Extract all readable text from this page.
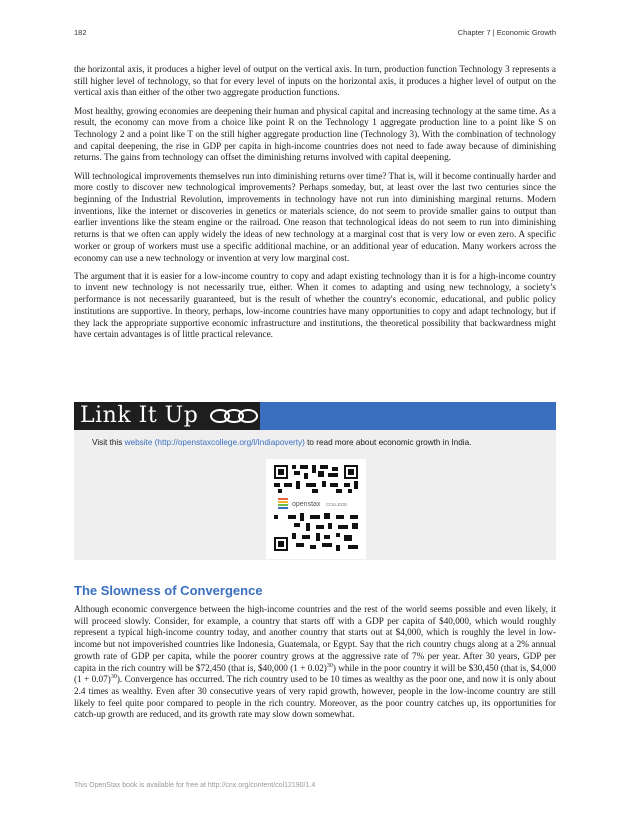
182	Chapter 7 | Economic Growth

the horizontal axis, it produces a higher level of output on the vertical axis. In turn, production function Technology 3 represents a still higher level of technology, so that for every level of inputs on the horizontal axis, it produces a higher level of output on the vertical axis than either of the other two aggregate production functions.

Most healthy, growing economies are deepening their human and physical capital and increasing technology at the same time. As a result, the economy can move from a choice like point R on the Technology 1 aggregate production line to a point like S on Technology 2 and a point like T on the still higher aggregate production line (Technology 3). With the combination of technology and capital deepening, the rise in GDP per capita in high-income countries does not need to fade away because of diminishing returns. The gains from technology can offset the diminishing returns involved with capital deepening.

Will technological improvements themselves run into diminishing returns over time? That is, will it become continually harder and more costly to discover new technological improvements? Perhaps someday, but, at least over the last two centuries since the beginning of the Industrial Revolution, improvements in technology have not run into diminishing marginal returns. Modern inventions, like the internet or discoveries in genetics or materials science, do not seem to provide smaller gains to output than earlier inventions like the steam engine or the railroad. One reason that technological ideas do not seem to run into diminishing returns is that we often can apply widely the ideas of new technology at a marginal cost that is very low or even zero. A specific worker or group of workers must use a specific additional machine, or an additional year of education. Many workers across the economy can use a new technology or invention at very low marginal cost.

The argument that it is easier for a low-income country to copy and adapt existing technology than it is for a high-income country to invent new technology is not necessarily true, either. When it comes to adapting and using new technology, a society’s performance is not necessarily guaranteed, but is the result of whether the country's economic, educational, and public policy institutions are supportive. In theory, perhaps, low-income countries have many opportunities to copy and adapt technology, but if they lack the appropriate supportive economic infrastructure and institutions, the theoretical possibility that backwardness might have certain advantages is of little practical relevance.

Link It Up
Visit this website (http://openstaxcollege.org/l/Indiapoverty) to read more about economic growth in India.
openstax COLLEGE
The Slowness of Convergence

Although economic convergence between the high-income countries and the rest of the world seems possible and even likely, it will proceed slowly. Consider, for example, a country that starts off with a GDP per capita of $40,000, which would roughly represent a typical high-income country today, and another country that starts out at $4,000, which is roughly the level in low-income but not impoverished countries like Indonesia, Guatemala, or Egypt. Say that the rich country chugs along at a 2% annual growth rate of GDP per capita, while the poorer country grows at the aggressive rate of 7% per year. After 30 years, GDP per capita in the rich country will be $72,450 (that is, $40,000 $(1 + 0.02)^{30}$) while in the poor country it will be $30,450 (that is, $4,000 $(1 + 0.07)^{30}$). Convergence has occurred. The rich country used to be 10 times as wealthy as the poor one, and now it is only about 2.4 times as wealthy. Even after 30 consecutive years of very rapid growth, however, people in the low-income country are still likely to feel quite poor compared to people in the rich country. Moreover, as the poor country catches up, its opportunities for catch-up growth are reduced, and its growth rate may slow down somewhat.

This OpenStax book is available for free at http://cnx.org/content/col12190/1.4
